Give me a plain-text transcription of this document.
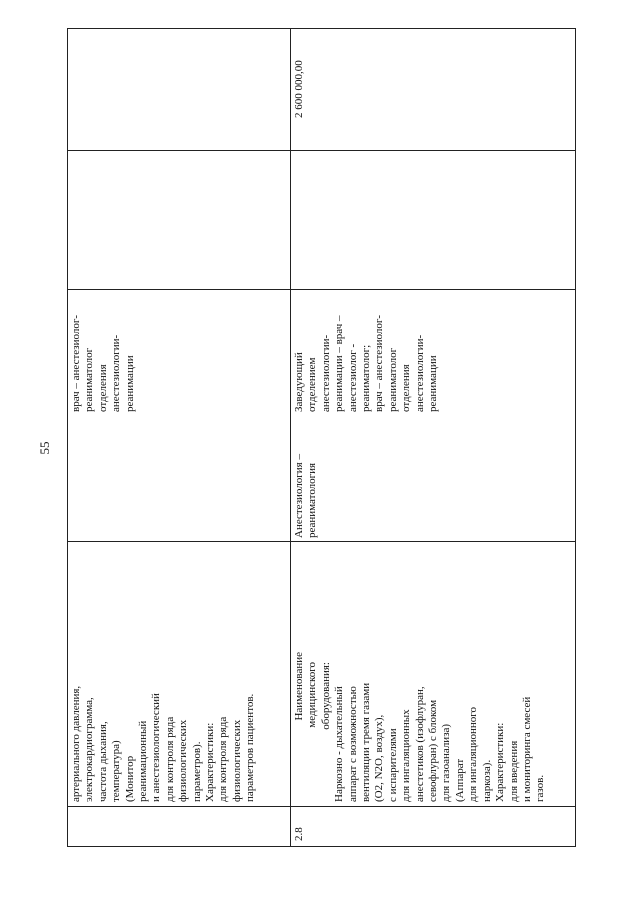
55
артериального давления, электрокардиограмма, частота дыхания, температура) (Монитор реанимационный и анестезиологический для контроля ряда физиологических параметров). Характеристики: для контроля ряда физиологических параметров пациентов.
врач – анестезиолог- реаниматолог отделения анестезиологии- реанимации
2.8
Наименование медицинского оборудования: Наркозно - дыхательный аппарат с возможностью вентиляции тремя газами (O2, N2O, воздух), с испарителями для ингаляционных анестетиков (изофлуран, севофлуран) с блоком для газоанализа) (Аппарат для ингаляционного наркоза). Характеристики: для введения и мониторинга смесей газов.
Анестезиология – реаниматология
Заведующий отделением анестезиологии- реанимации – врач – анестезиолог - реаниматолог; врач – анестезиолог- реаниматолог отделения анестезиологии- реанимации
2 600 000,00
